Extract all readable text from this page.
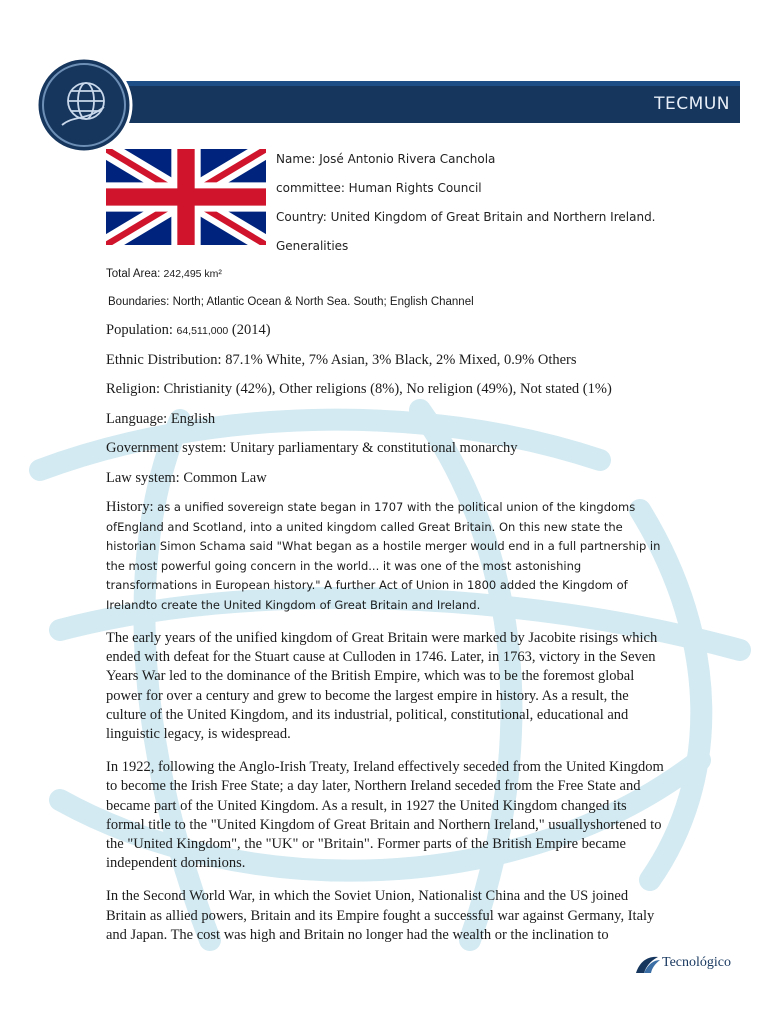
TECMUN
Name: José Antonio Rivera Canchola
committee: Human Rights Council
Country: United Kingdom of Great Britain and Northern Ireland.
Generalities
Total Area: 242,495 km²
Boundaries: North; Atlantic Ocean & North Sea. South; English Channel
Population: 64,511,000 (2014)
Ethnic Distribution: 87.1% White, 7% Asian, 3% Black, 2% Mixed, 0.9% Others
Religion: Christianity (42%), Other religions (8%), No religion (49%), Not stated (1%)
Language: English
Government system: Unitary parliamentary & constitutional monarchy
Law system: Common Law
History: as a unified sovereign state began in 1707 with the political union of the kingdoms ofEngland and Scotland, into a united kingdom called Great Britain. On this new state the historian Simon Schama said "What began as a hostile merger would end in a full partnership in the most powerful going concern in the world... it was one of the most astonishing transformations in European history." A further Act of Union in 1800 added the Kingdom of Irelandto create the United Kingdom of Great Britain and Ireland.
The early years of the unified kingdom of Great Britain were marked by Jacobite risings which ended with defeat for the Stuart cause at Culloden in 1746. Later, in 1763, victory in the Seven Years War led to the dominance of the British Empire, which was to be the foremost global power for over a century and grew to become the largest empire in history. As a result, the culture of the United Kingdom, and its industrial, political, constitutional, educational and linguistic legacy, is widespread.
In 1922, following the Anglo-Irish Treaty, Ireland effectively seceded from the United Kingdom to become the Irish Free State; a day later, Northern Ireland seceded from the Free State and became part of the United Kingdom. As a result, in 1927 the United Kingdom changed its formal title to the "United Kingdom of Great Britain and Northern Ireland," usuallyshortened to the "United Kingdom", the "UK" or "Britain". Former parts of the British Empire became independent dominions.
In the Second World War, in which the Soviet Union, Nationalist China and the US joined Britain as allied powers, Britain and its Empire fought a successful war against Germany, Italy and Japan. The cost was high and Britain no longer had the wealth or the inclination to
Tecnológico
